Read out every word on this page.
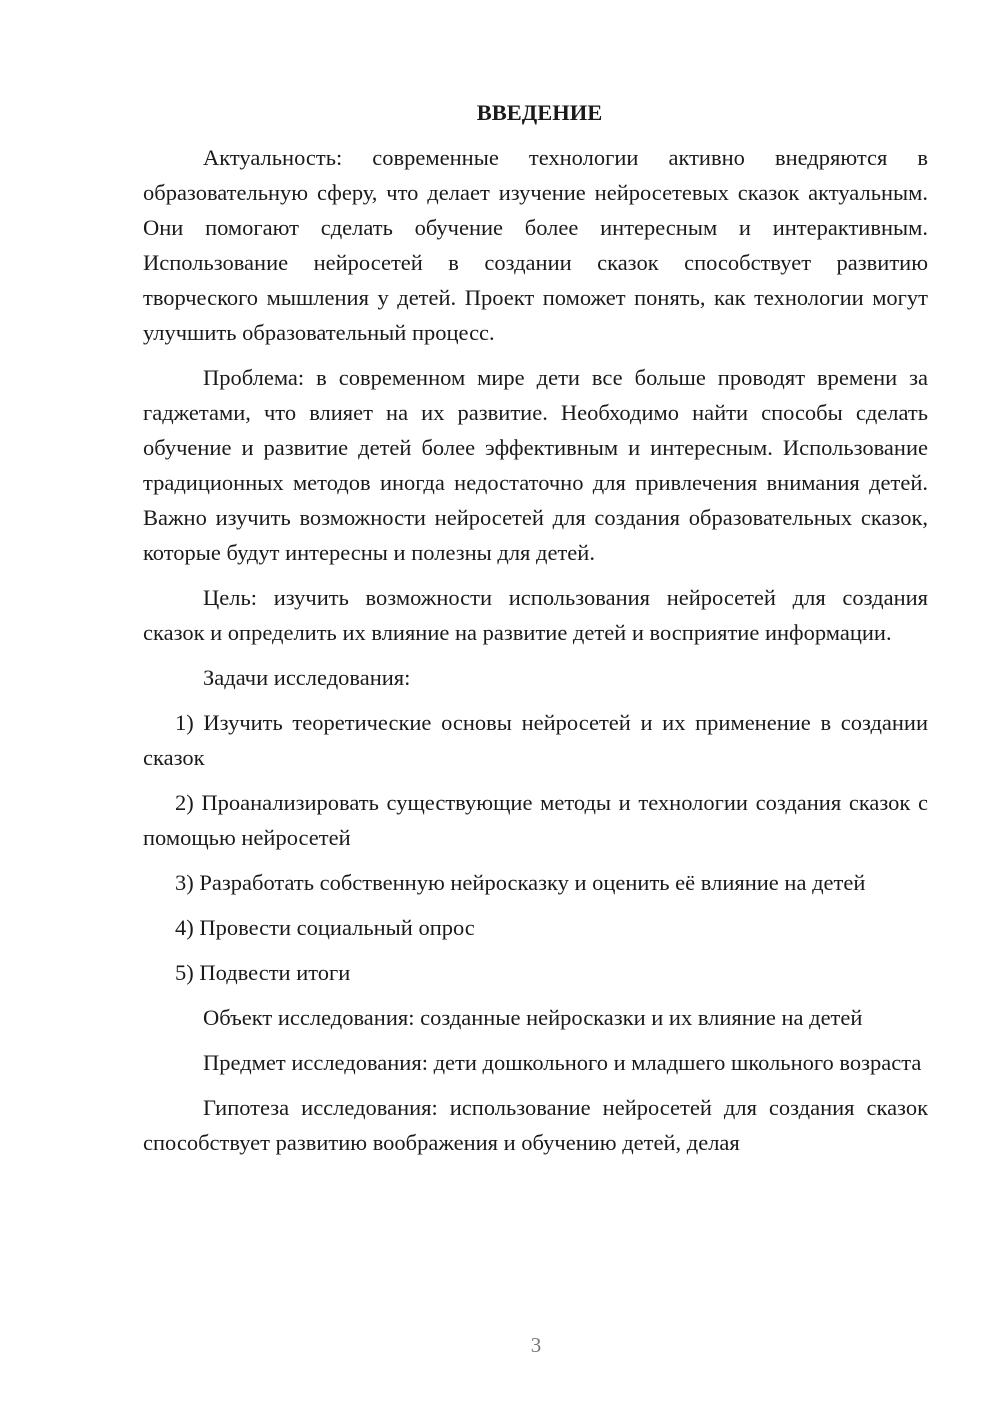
ВВЕДЕНИЕ

Актуальность: современные технологии активно внедряются в образовательную сферу, что делает изучение нейросетевых сказок актуальным. Они помогают сделать обучение более интересным и интерактивным. Использование нейросетей в создании сказок способствует развитию творческого мышления у детей. Проект поможет понять, как технологии могут улучшить образовательный процесс.

Проблема: в современном мире дети все больше проводят времени за гаджетами, что влияет на их развитие. Необходимо найти способы сделать обучение и развитие детей более эффективным и интересным. Использование традиционных методов иногда недостаточно для привлечения внимания детей. Важно изучить возможности нейросетей для создания образовательных сказок, которые будут интересны и полезны для детей.

Цель: изучить возможности использования нейросетей для создания сказок и определить их влияние на развитие детей и восприятие информации.

Задачи исследования:

1) Изучить теоретические основы нейросетей и их применение в создании сказок

2) Проанализировать существующие методы и технологии создания сказок с помощью нейросетей

3) Разработать собственную нейросказку и оценить её влияние на детей

4) Провести социальный опрос

5) Подвести итоги

Объект исследования: созданные нейросказки и их влияние на детей

Предмет исследования: дети дошкольного и младшего школьного возраста

Гипотеза исследования: использование нейросетей для создания сказок способствует развитию воображения и обучению детей, делая

3
